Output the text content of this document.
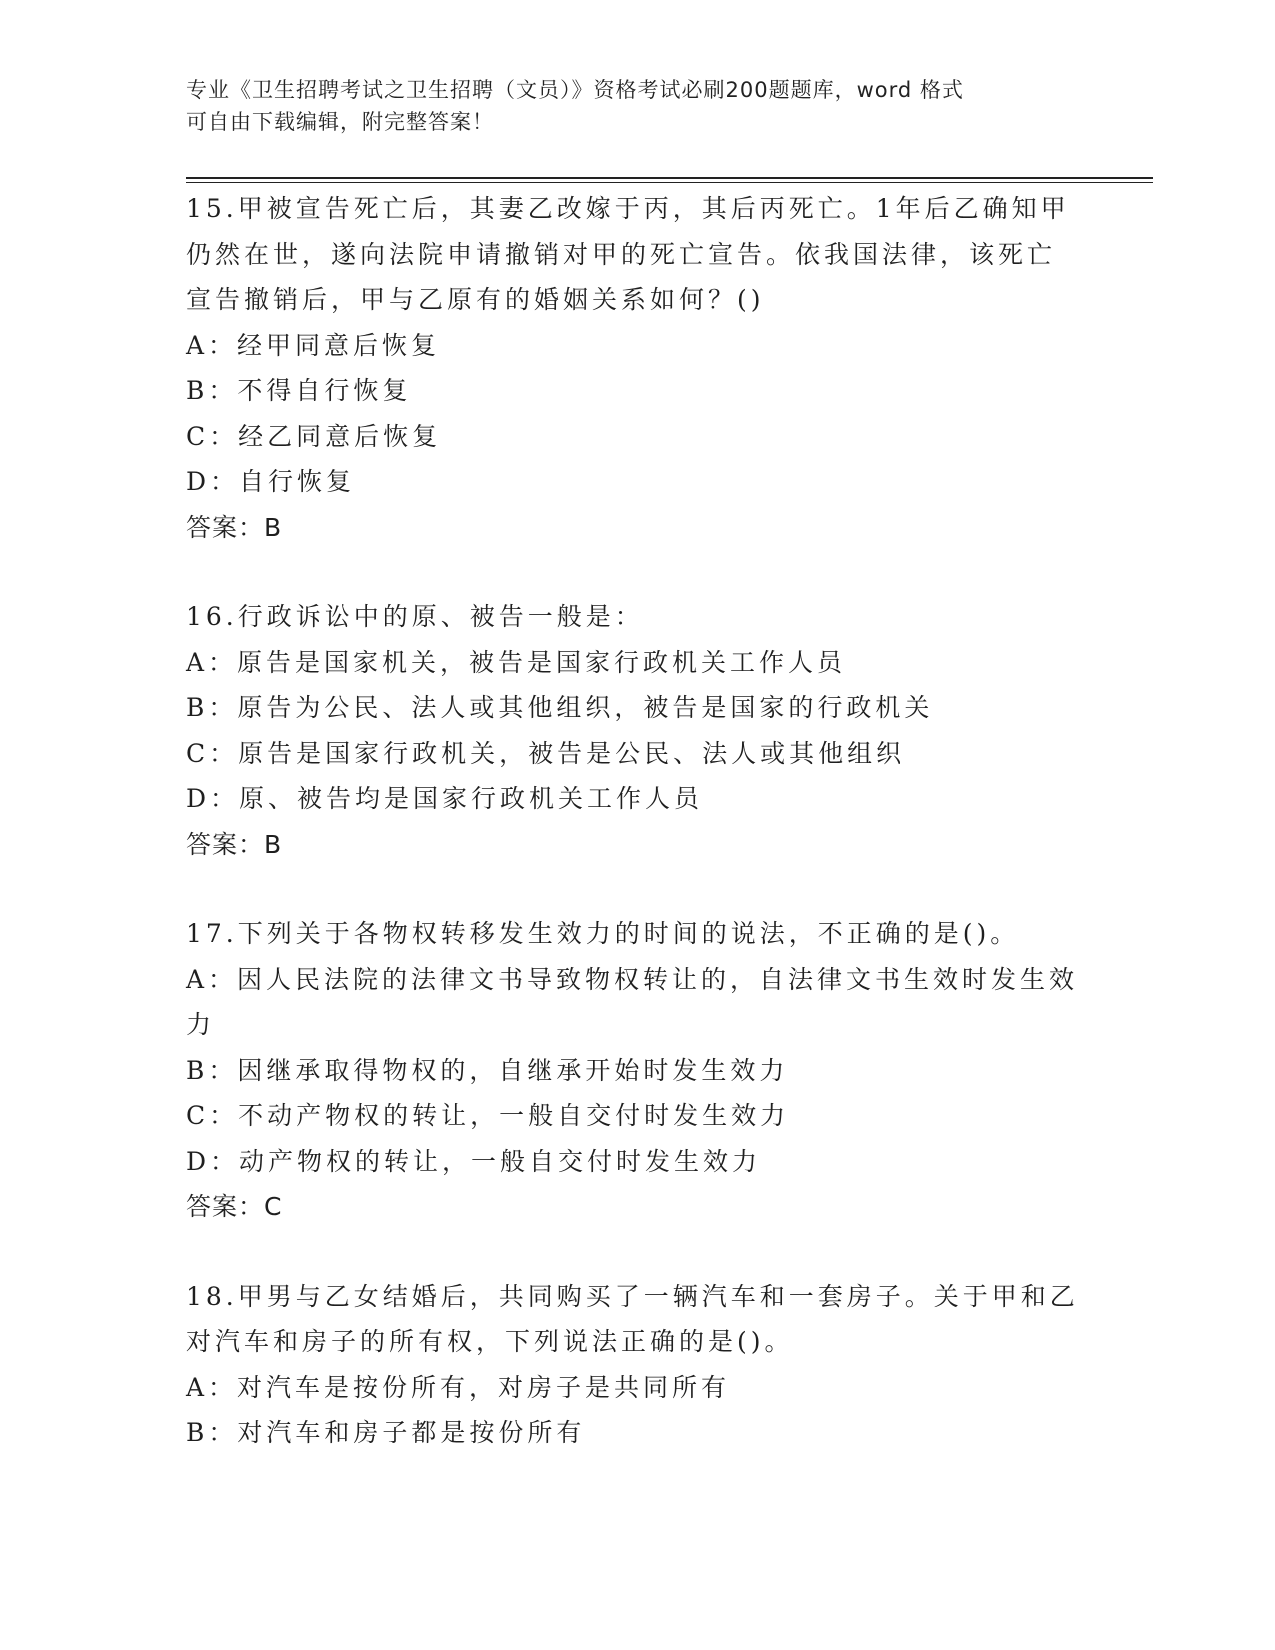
专业《卫生招聘考试之卫生招聘（文员）》资格考试必刷200题题库，word 格式
可自由下载编辑，附完整答案！

15.甲被宣告死亡后，其妻乙改嫁于丙，其后丙死亡。1年后乙确知甲

仍然在世，遂向法院申请撤销对甲的死亡宣告。依我国法律，该死亡

宣告撤销后，甲与乙原有的婚姻关系如何？()

A：经甲同意后恢复

B：不得自行恢复

C：经乙同意后恢复

D：自行恢复

答案：B

16.行政诉讼中的原、被告一般是：

A：原告是国家机关，被告是国家行政机关工作人员

B：原告为公民、法人或其他组织，被告是国家的行政机关

C：原告是国家行政机关，被告是公民、法人或其他组织

D：原、被告均是国家行政机关工作人员

答案：B

17.下列关于各物权转移发生效力的时间的说法，不正确的是()。

A：因人民法院的法律文书导致物权转让的，自法律文书生效时发生效

力

B：因继承取得物权的，自继承开始时发生效力

C：不动产物权的转让，一般自交付时发生效力

D：动产物权的转让，一般自交付时发生效力

答案：C

18.甲男与乙女结婚后，共同购买了一辆汽车和一套房子。关于甲和乙

对汽车和房子的所有权，下列说法正确的是()。

A：对汽车是按份所有，对房子是共同所有

B：对汽车和房子都是按份所有
